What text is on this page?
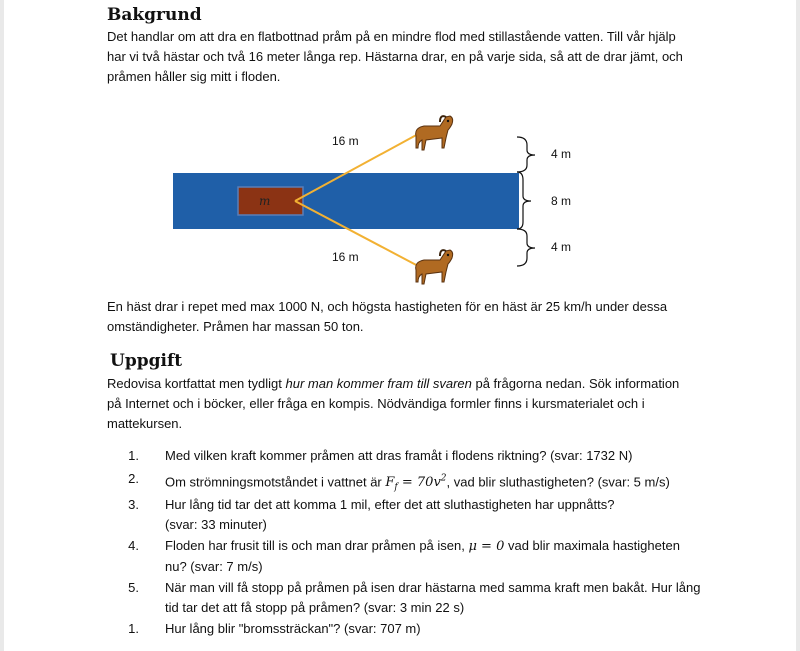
Bakgrund

Det handlar om att dra en flatbottnad pråm på en mindre flod med stillastående vatten. Till vår hjälp

har vi två hästar och två 16 meter långa rep. Hästarna drar, en på varje sida, så att de drar jämt, och

pråmen håller sig mitt i floden.

16 m
16 m
4 m
8 m
4 m
m

En häst drar i repet med max 1000 N, och högsta hastigheten för en häst är 25 km/h under dessa

omständigheter. Pråmen har massan 50 ton.

Uppgift

Redovisa kortfattat men tydligt hur man kommer fram till svaren på frågorna nedan. Sök information

på Internet och i böcker, eller fråga en kompis. Nödvändiga formler finns i kursmaterialet och i

mattekursen.

1. Med vilken kraft kommer pråmen att dras framåt i flodens riktning? (svar: 1732 N)
2. Om strömningsmotståndet i vattnet är $F_f = 70v^2$, vad blir sluthastigheten? (svar: 5 m/s)
3. Hur lång tid tar det att komma 1 mil, efter det att sluthastigheten har uppnåtts?
(svar: 33 minuter)
4. Floden har frusit till is och man drar pråmen på isen, μ = 0 vad blir maximala hastigheten
nu? (svar: 7 m/s)
5. När man vill få stopp på pråmen på isen drar hästarna med samma kraft men bakåt. Hur lång
tid tar det att få stopp på pråmen? (svar: 3 min 22 s)
1. Hur lång blir "bromssträckan"? (svar: 707 m)
